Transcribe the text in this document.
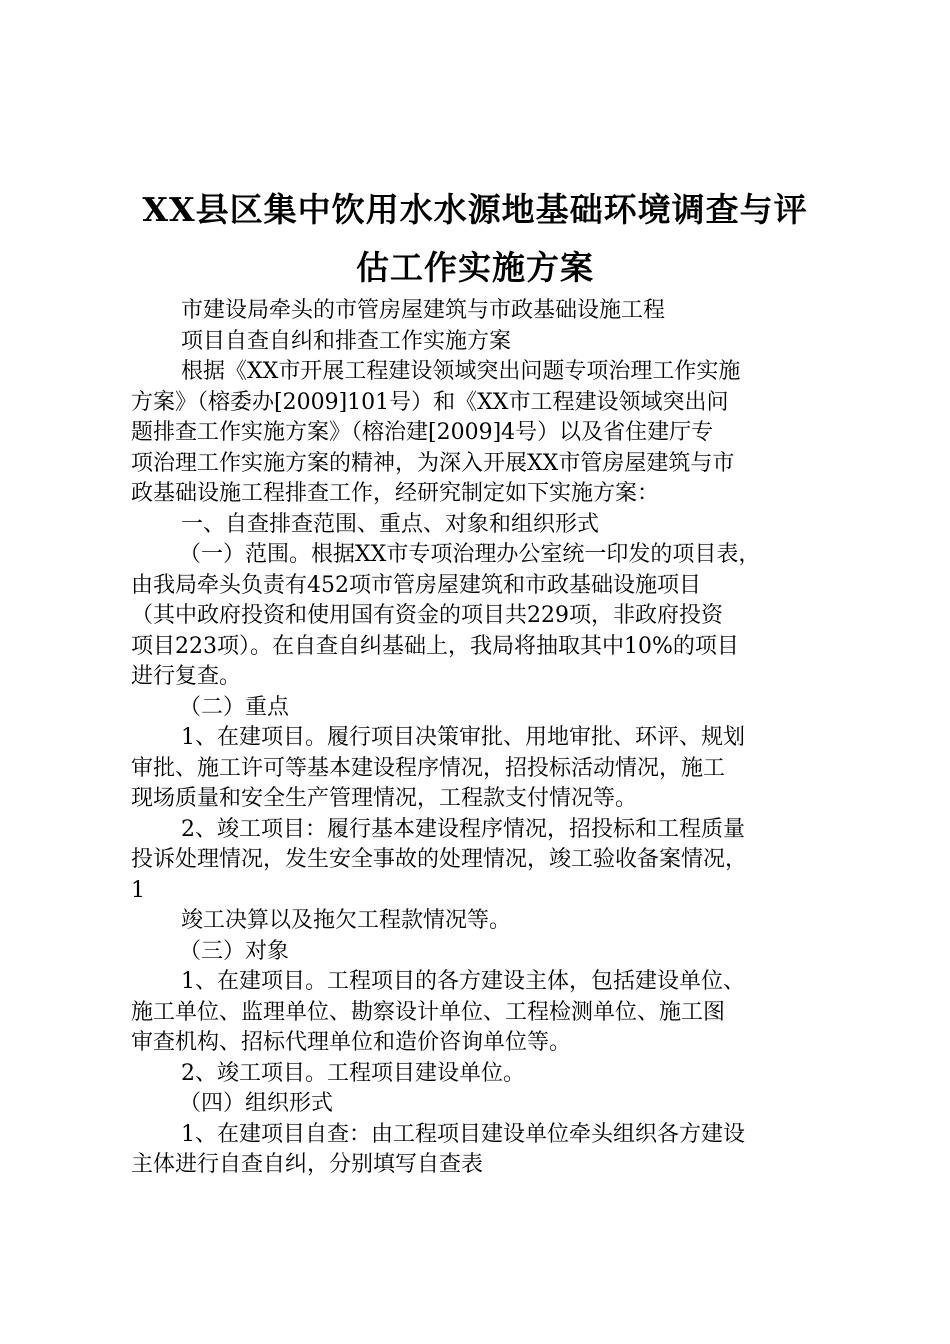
XX县区集中饮用水水源地基础环境调查与评
估工作实施方案
市建设局牵头的市管房屋建筑与市政基础设施工程
项目自查自纠和排查工作实施方案
根据《XX市开展工程建设领域突出问题专项治理工作实施
方案》（榕委办[2009]101号）和《XX市工程建设领域突出问
题排查工作实施方案》（榕治建[2009]4号）以及省住建厅专
项治理工作实施方案的精神，为深入开展XX市管房屋建筑与市
政基础设施工程排查工作，经研究制定如下实施方案：
一、自查排查范围、重点、对象和组织形式
（一）范围。根据XX市专项治理办公室统一印发的项目表，
由我局牵头负责有452项市管房屋建筑和市政基础设施项目
（其中政府投资和使用国有资金的项目共229项，非政府投资
项目223项）。在自查自纠基础上，我局将抽取其中10%的项目
进行复查。
（二）重点
1、在建项目。履行项目决策审批、用地审批、环评、规划
审批、施工许可等基本建设程序情况，招投标活动情况，施工
现场质量和安全生产管理情况，工程款支付情况等。
2、竣工项目：履行基本建设程序情况，招投标和工程质量
投诉处理情况，发生安全事故的处理情况，竣工验收备案情况，
1
竣工决算以及拖欠工程款情况等。
（三）对象
1、在建项目。工程项目的各方建设主体，包括建设单位、
施工单位、监理单位、勘察设计单位、工程检测单位、施工图
审查机构、招标代理单位和造价咨询单位等。
2、竣工项目。工程项目建设单位。
（四）组织形式
1、在建项目自查：由工程项目建设单位牵头组织各方建设
主体进行自查自纠，分别填写自查表
